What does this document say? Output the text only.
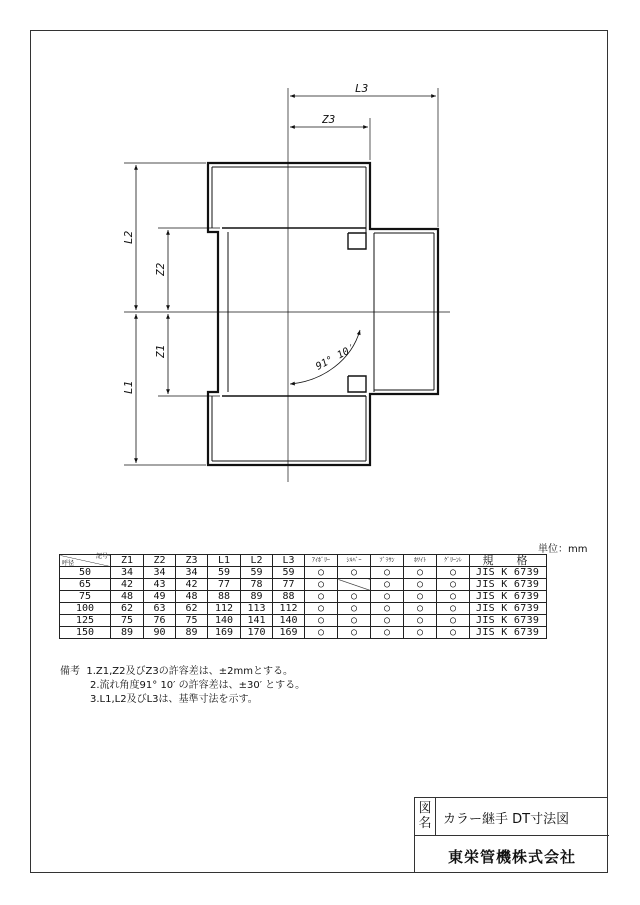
L3
Z3
L2
Z2
Z1
L1
91° 10′
単位：mm
記号
呼径	Z1	Z2	Z3	L1	L2	L3	ｱｲﾎﾞﾘｰ	ｼﾙﾊﾞｰ	ﾌﾞﾗｳﾝ	ﾎﾜｲﾄ	ｸﾞﾘｰﾝﾚ	規　格
50	34	34	34	59	59	59	○	○	○	○	○	JIS K 6739
65	42	43	42	77	78	77	○		○	○	○	JIS K 6739
75	48	49	48	88	89	88	○	○	○	○	○	JIS K 6739
100	62	63	62	112	113	112	○	○	○	○	○	JIS K 6739
125	75	76	75	140	141	140	○	○	○	○	○	JIS K 6739
150	89	90	89	169	170	169	○	○	○	○	○	JIS K 6739
備考 1.Z1,Z2及びZ3の許容差は、±2mmとする。
2.流れ角度91° 10′ の許容差は、±30′ とする。
3.L1,L2及びL3は、基準寸法を示す。
図
名 カラー継手 DT寸法図
東栄管機株式会社
